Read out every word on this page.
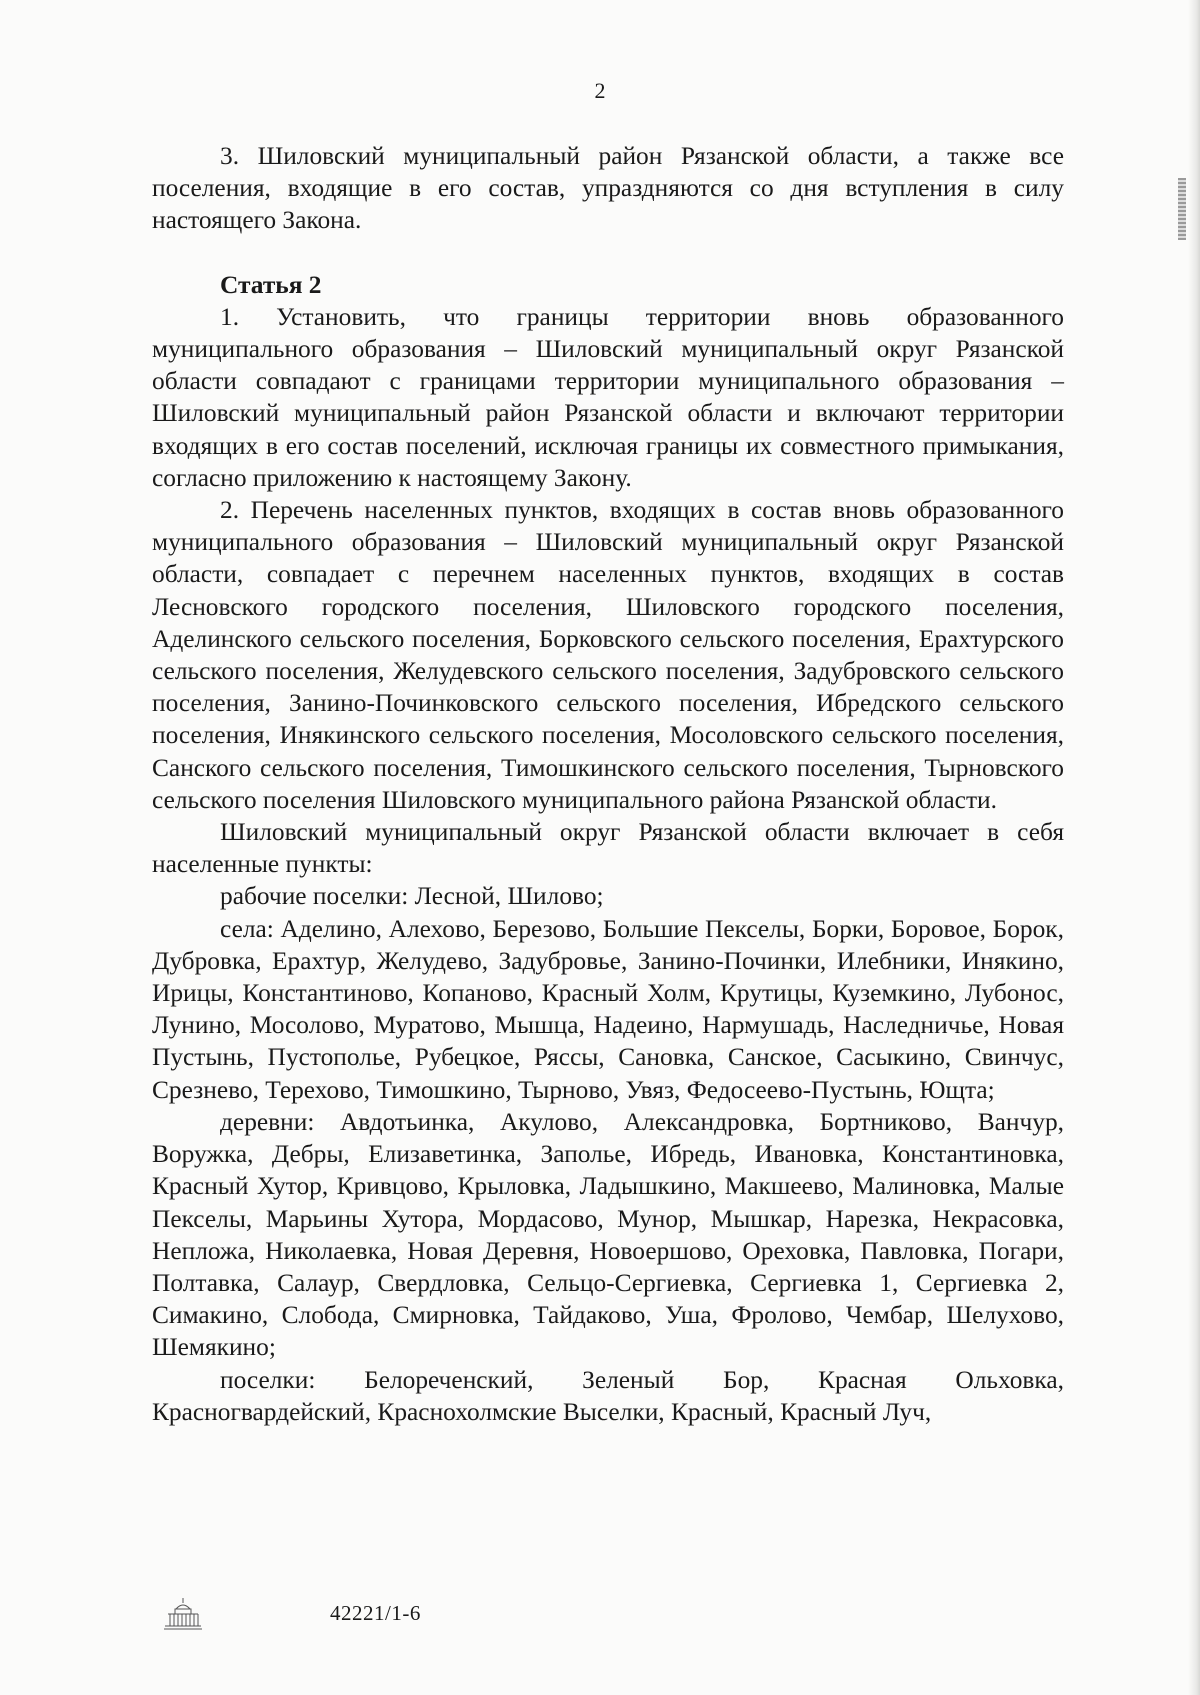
2

3. Шиловский муниципальный район Рязанской области, а также все поселения, входящие в его состав, упраздняются со дня вступления в силу настоящего Закона.

Статья 2

1. Установить, что границы территории вновь образованного муниципального образования – Шиловский муниципальный округ Рязанской области совпадают с границами территории муниципального образования – Шиловский муниципальный район Рязанской области и включают территории входящих в его состав поселений, исключая границы их совместного примыкания, согласно приложению к настоящему Закону.

2. Перечень населенных пунктов, входящих в состав вновь образованного муниципального образования – Шиловский муниципальный округ Рязанской области, совпадает с перечнем населенных пунктов, входящих в состав Лесновского городского поселения, Шиловского городского поселения, Аделинского сельского поселения, Борковского сельского поселения, Ерахтурского сельского поселения, Желудевского сельского поселения, Задубровского сельского поселения, Занино-Починковского сельского поселения, Ибредского сельского поселения, Инякинского сельского поселения, Мосоловского сельского поселения, Санского сельского поселения, Тимошкинского сельского поселения, Тырновского сельского поселения Шиловского муниципального района Рязанской области.

Шиловский муниципальный округ Рязанской области включает в себя населенные пункты:

рабочие поселки: Лесной, Шилово;

села: Аделино, Алехово, Березово, Большие Пекселы, Борки, Боровое, Борок, Дубровка, Ерахтур, Желудево, Задубровье, Занино-Починки, Илебники, Инякино, Ирицы, Константиново, Копаново, Красный Холм, Крутицы, Куземкино, Лубонос, Лунино, Мосолово, Муратово, Мышца, Надеино, Нармушадь, Наследничье, Новая Пустынь, Пустополье, Рубецкое, Ряссы, Сановка, Санское, Сасыкино, Свинчус, Срезнево, Терехово, Тимошкино, Тырново, Увяз, Федосеево-Пустынь, Ющта;

деревни: Авдотьинка, Акулово, Александровка, Бортниково, Ванчур, Воружка, Дебры, Елизаветинка, Заполье, Ибредь, Ивановка, Константиновка, Красный Хутор, Кривцово, Крыловка, Ладышкино, Макшеево, Малиновка, Малые Пекселы, Марьины Хутора, Мордасово, Мунор, Мышкар, Нарезка, Некрасовка, Непложа, Николаевка, Новая Деревня, Новоершово, Ореховка, Павловка, Погари, Полтавка, Салаур, Свердловка, Сельцо-Сергиевка, Сергиевка 1, Сергиевка 2, Симакино, Слобода, Смирновка, Тайдаково, Уша, Фролово, Чембар, Шелухово, Шемякино;

поселки: Белореченский, Зеленый Бор, Красная Ольховка, Красногвардейский, Краснохолмские Выселки, Красный, Красный Луч,

42221/1-6
